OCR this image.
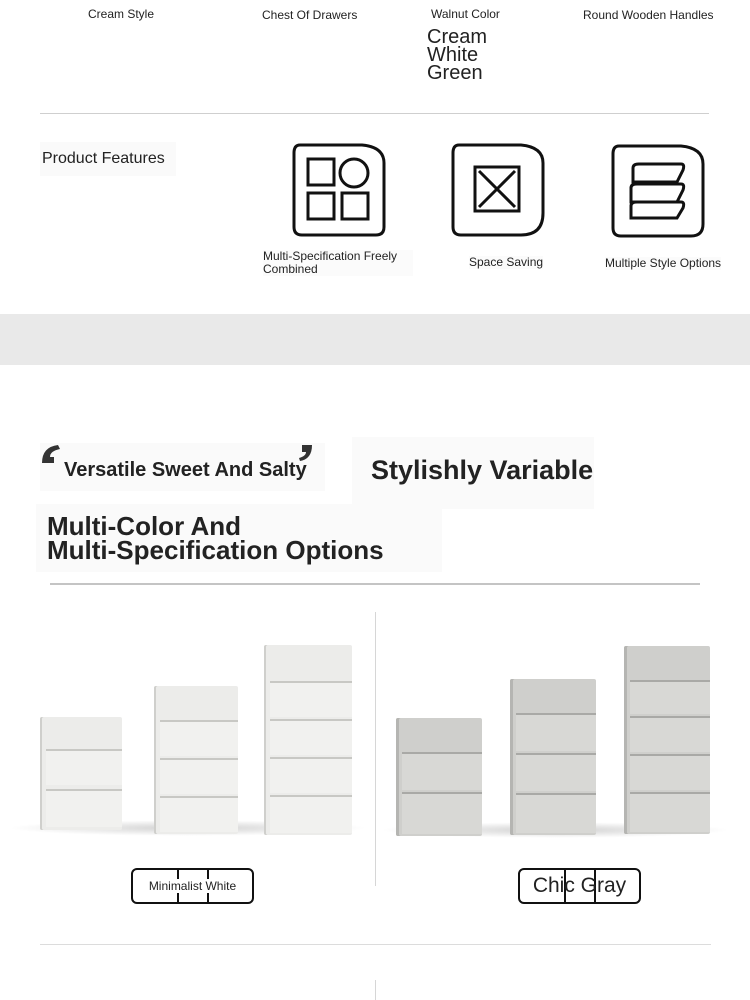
Cream Style	Chest Of Drawers	Walnut Color	Round Wooden Handles
Cream
White
Green
Product Features
Multi-Specification Freely
Combined	Space Saving	Multiple Style Options
Versatile Sweet And Salty Stylishly Variable
Multi-Color And
Multi-Specification Options
Minimalist White	Chic Gray
